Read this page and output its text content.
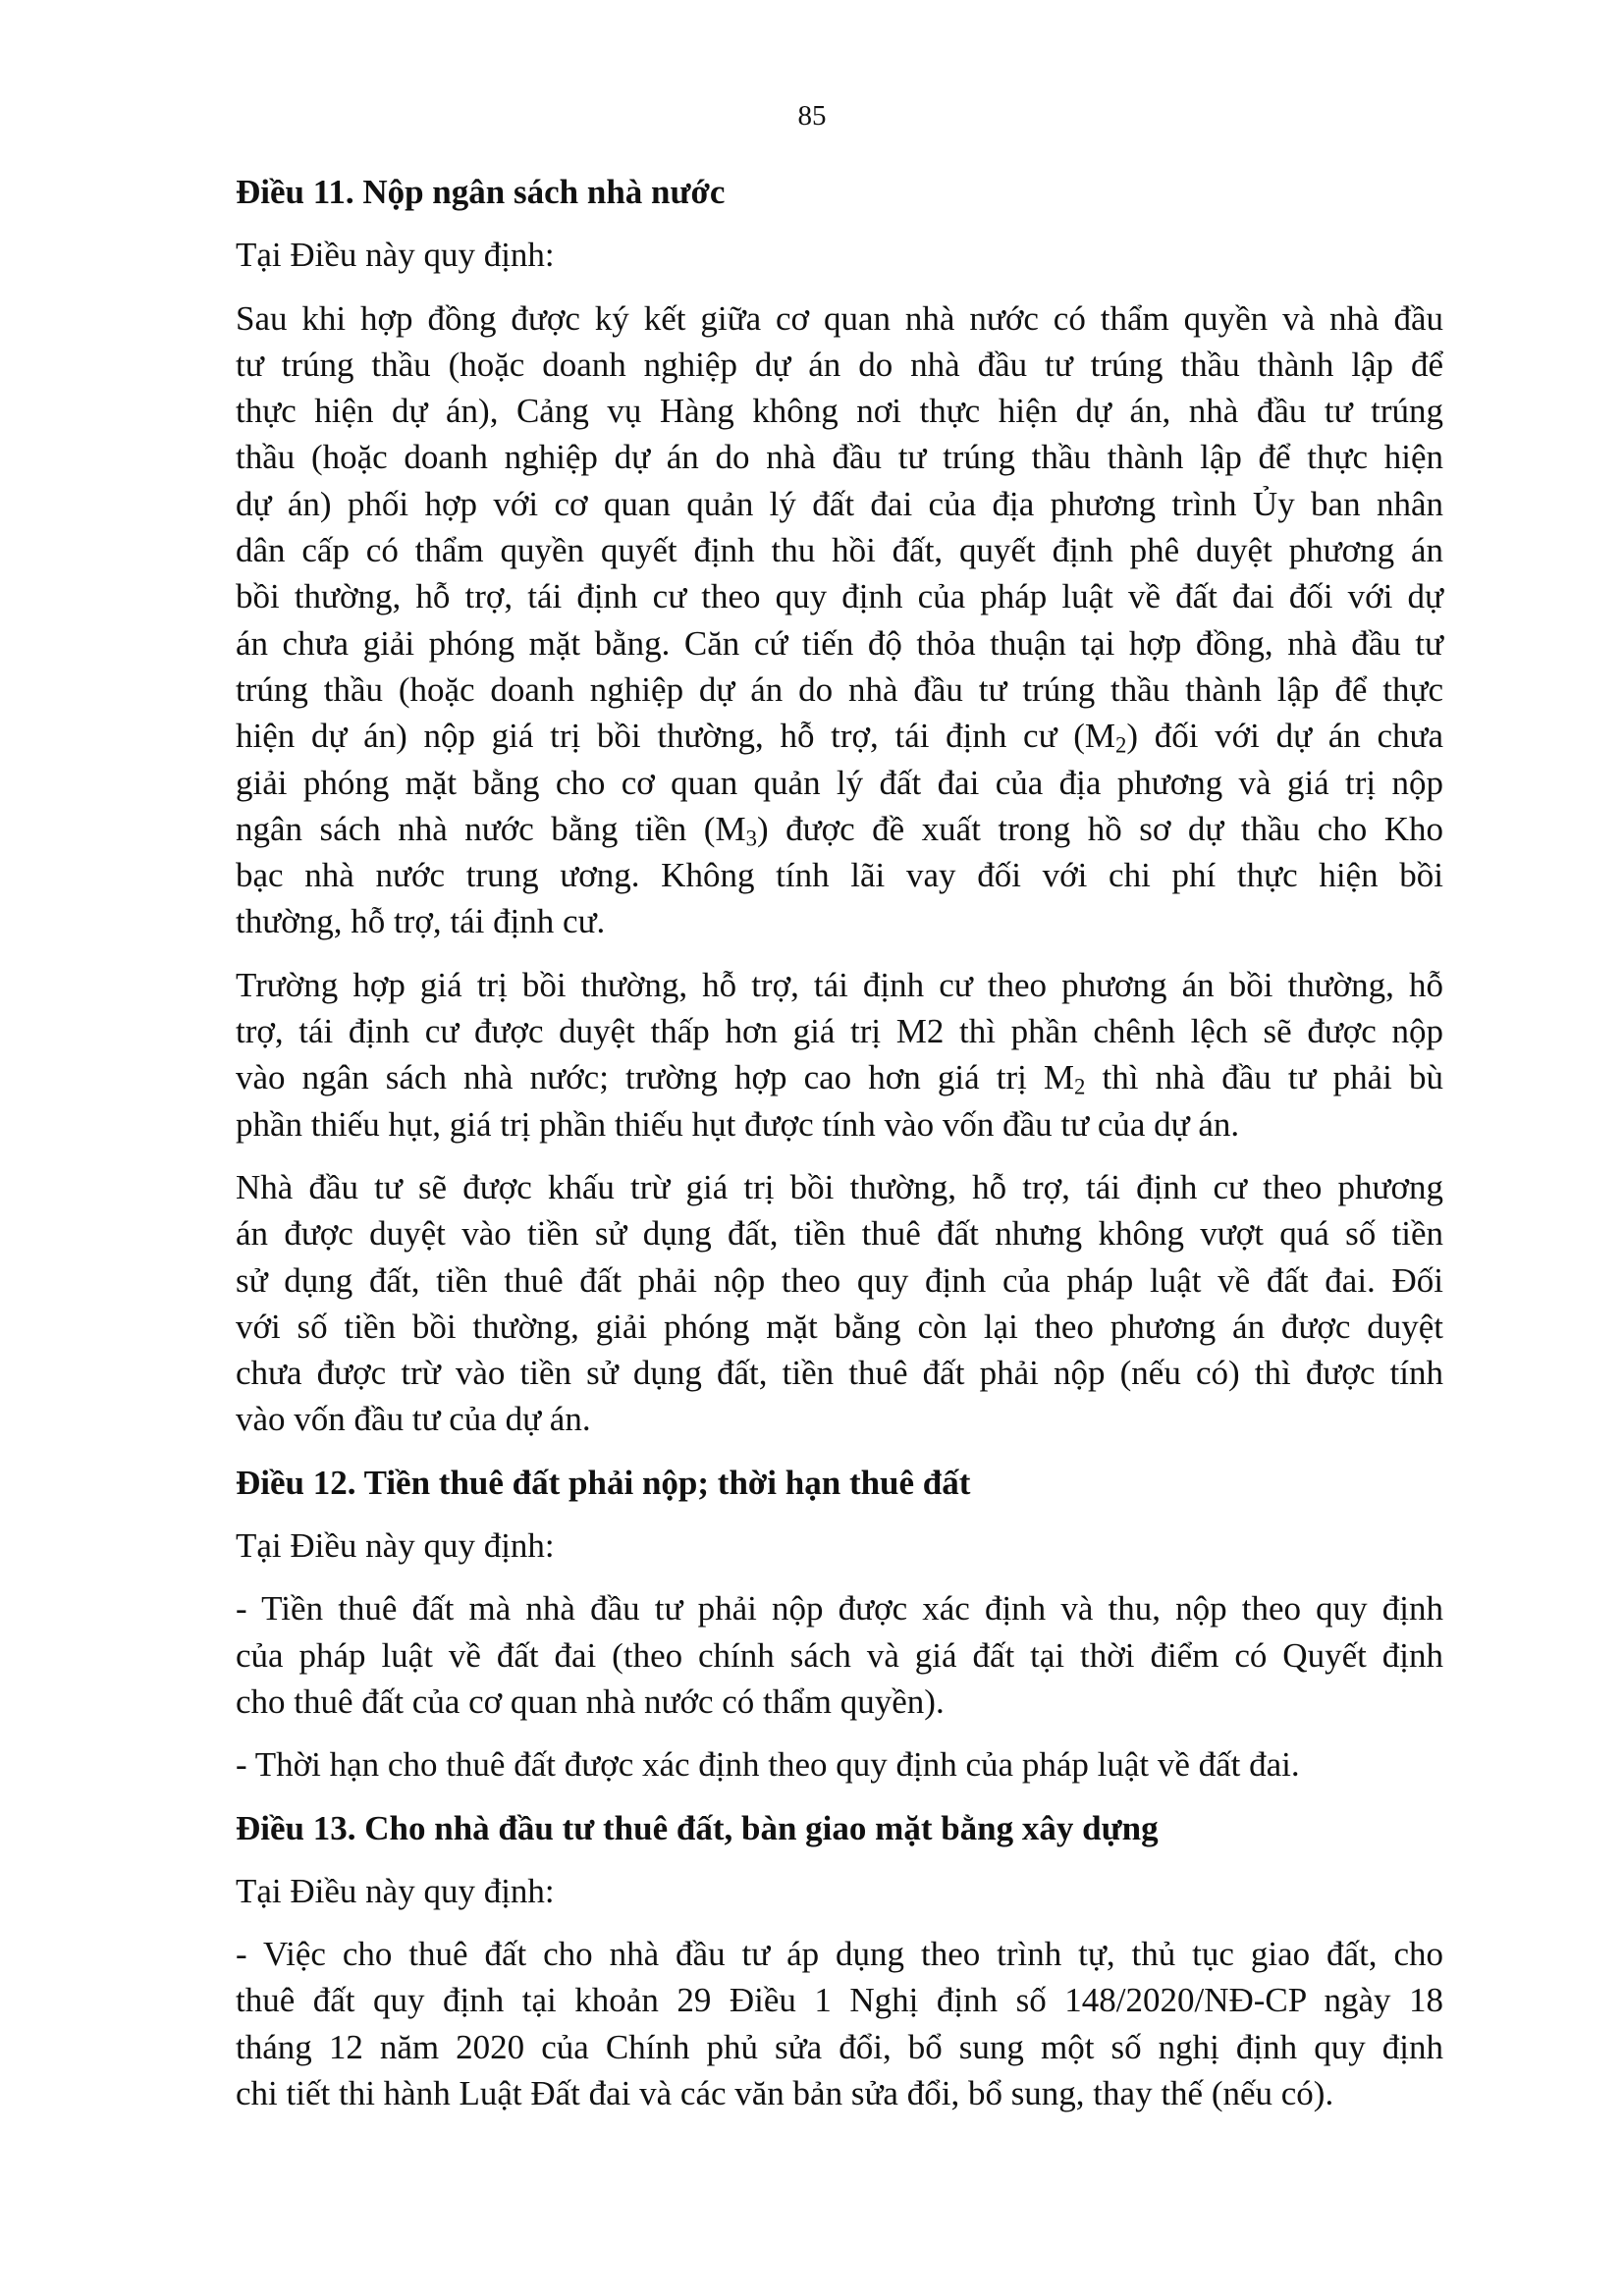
85
Điều 11. Nộp ngân sách nhà nước
Tại Điều này quy định:
Sau khi hợp đồng được ký kết giữa cơ quan nhà nước có thẩm quyền và nhà đầu
tư trúng thầu (hoặc doanh nghiệp dự án do nhà đầu tư trúng thầu thành lập để
thực hiện dự án), Cảng vụ Hàng không nơi thực hiện dự án, nhà đầu tư trúng
thầu (hoặc doanh nghiệp dự án do nhà đầu tư trúng thầu thành lập để thực hiện
dự án) phối hợp với cơ quan quản lý đất đai của địa phương trình Ủy ban nhân
dân cấp có thẩm quyền quyết định thu hồi đất, quyết định phê duyệt phương án
bồi thường, hỗ trợ, tái định cư theo quy định của pháp luật về đất đai đối với dự
án chưa giải phóng mặt bằng. Căn cứ tiến độ thỏa thuận tại hợp đồng, nhà đầu tư
trúng thầu (hoặc doanh nghiệp dự án do nhà đầu tư trúng thầu thành lập để thực
hiện dự án) nộp giá trị bồi thường, hỗ trợ, tái định cư $(M_2)$ đối với dự án chưa
giải phóng mặt bằng cho cơ quan quản lý đất đai của địa phương và giá trị nộp
ngân sách nhà nước bằng tiền $(M_3)$ được đề xuất trong hồ sơ dự thầu cho Kho
bạc nhà nước trung ương. Không tính lãi vay đối với chi phí thực hiện bồi
thường, hỗ trợ, tái định cư.
Trường hợp giá trị bồi thường, hỗ trợ, tái định cư theo phương án bồi thường, hỗ
trợ, tái định cư được duyệt thấp hơn giá trị M2 thì phần chênh lệch sẽ được nộp
vào ngân sách nhà nước; trường hợp cao hơn giá trị $M_2$ thì nhà đầu tư phải bù
phần thiếu hụt, giá trị phần thiếu hụt được tính vào vốn đầu tư của dự án.
Nhà đầu tư sẽ được khấu trừ giá trị bồi thường, hỗ trợ, tái định cư theo phương
án được duyệt vào tiền sử dụng đất, tiền thuê đất nhưng không vượt quá số tiền
sử dụng đất, tiền thuê đất phải nộp theo quy định của pháp luật về đất đai. Đối
với số tiền bồi thường, giải phóng mặt bằng còn lại theo phương án được duyệt
chưa được trừ vào tiền sử dụng đất, tiền thuê đất phải nộp (nếu có) thì được tính
vào vốn đầu tư của dự án.
Điều 12. Tiền thuê đất phải nộp; thời hạn thuê đất
Tại Điều này quy định:
- Tiền thuê đất mà nhà đầu tư phải nộp được xác định và thu, nộp theo quy định
của pháp luật về đất đai (theo chính sách và giá đất tại thời điểm có Quyết định
cho thuê đất của cơ quan nhà nước có thẩm quyền).
- Thời hạn cho thuê đất được xác định theo quy định của pháp luật về đất đai.
Điều 13. Cho nhà đầu tư thuê đất, bàn giao mặt bằng xây dựng
Tại Điều này quy định:
- Việc cho thuê đất cho nhà đầu tư áp dụng theo trình tự, thủ tục giao đất, cho
thuê đất quy định tại khoản 29 Điều 1 Nghị định số 148/2020/NĐ-CP ngày 18
tháng 12 năm 2020 của Chính phủ sửa đổi, bổ sung một số nghị định quy định
chi tiết thi hành Luật Đất đai và các văn bản sửa đổi, bổ sung, thay thế (nếu có).
